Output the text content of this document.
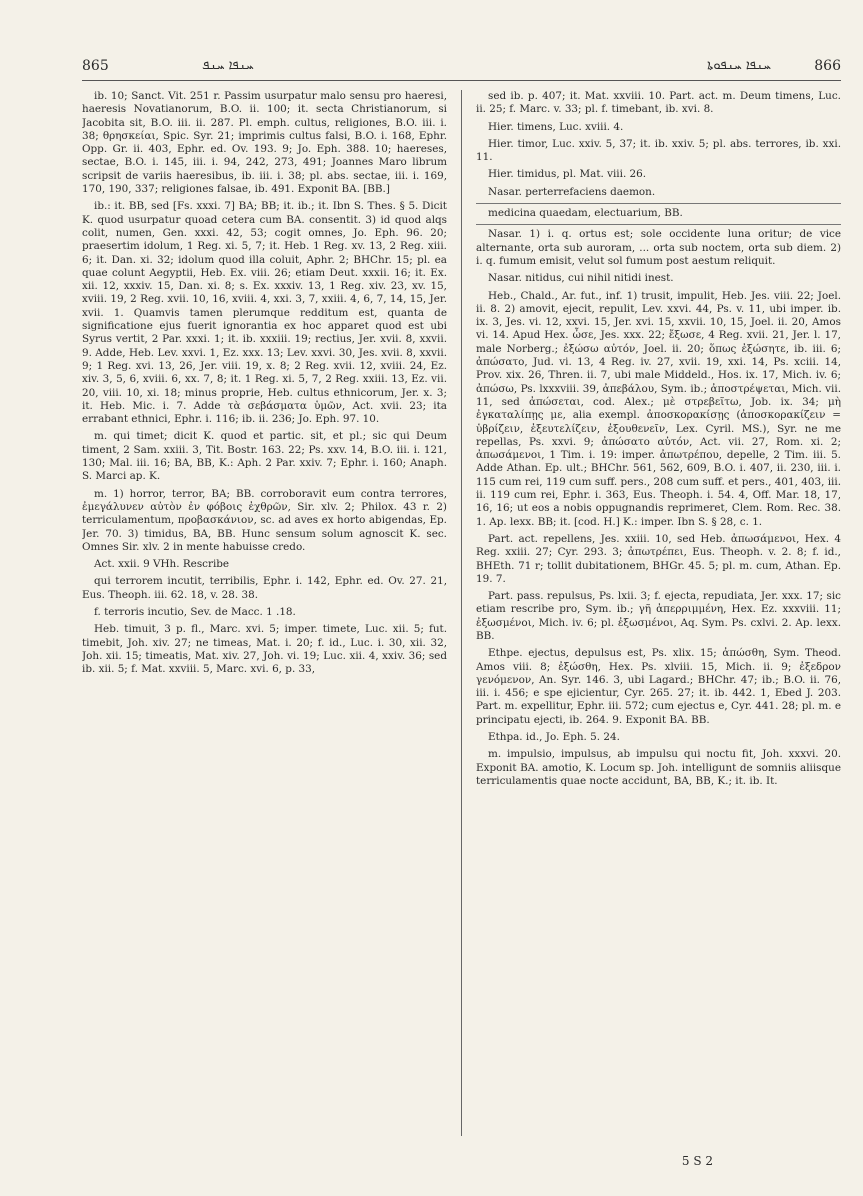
865	ܚܢܦܐ ܚܢܦ	ܚܢܦܐ ܚܢܦܘܬܐ	866

ib. 10; Sanct. Vit. 251 r. Passim usurpatur malo sensu pro haeresi, haeresis Novatianorum, B.O. ii. 100; it. secta Christianorum, si Jacobita sit, B.O. iii. ii. 287. Pl. emph. cultus, religiones, B.O. iii. i. 38; θρησκείαι, Spic. Syr. 21; imprimis cultus falsi, B.O. i. 168, Ephr. Opp. Gr. ii. 403, Ephr. ed. Ov. 193. 9; Jo. Eph. 388. 10; haereses, sectae, B.O. i. 145, iii. i. 94, 242, 273, 491; Joannes Maro librum scripsit de variis haeresibus, ib. iii. i. 38; pl. abs. sectae, iii. i. 169, 170, 190, 337; religiones falsae, ib. 491. Exponit BA. [BB.]

ib.: it. BB, sed [Fs. xxxi. 7] BA; BB; it. ib.; it. Ibn S. Thes. § 5. Dicit K. quod usurpatur quoad cetera cum BA. consentit. 3) id quod alqs colit, numen, Gen. xxxi. 42, 53; cogit omnes, Jo. Eph. 96. 20; praesertim idolum, 1 Reg. xi. 5, 7; it. Heb. 1 Reg. xv. 13, 2 Reg. xiii. 6; it. Dan. xi. 32; idolum quod illa coluit, Aphr. 2; BHChr. 15; pl. ea quae colunt Aegyptii, Heb. Ex. viii. 26; etiam Deut. xxxii. 16; it. Ex. xii. 12, xxxiv. 15, Dan. xi. 8; s. Ex. xxxiv. 13, 1 Reg. xiv. 23, xv. 15, xviii. 19, 2 Reg. xvii. 10, 16, xviii. 4, xxi. 3, 7, xxiii. 4, 6, 7, 14, 15, Jer. xvii. 1. Quamvis tamen plerumque redditum est, quanta de significatione ejus fuerit ignorantia ex hoc apparet quod est ubi Syrus vertit, 2 Par. xxxi. 1; it. ib. xxxiii. 19; rectius, Jer. xvii. 8, xxvii. 9. Adde, Heb. Lev. xxvi. 1, Ez. xxx. 13; Lev. xxvi. 30, Jes. xvii. 8, xxvii. 9; 1 Reg. xvi. 13, 26, Jer. viii. 19, x. 8; 2 Reg. xvii. 12, xviii. 24, Ez. xiv. 3, 5, 6, xviii. 6, xx. 7, 8; it. 1 Reg. xi. 5, 7, 2 Reg. xxiii. 13, Ez. vii. 20, viii. 10, xi. 18; minus proprie, Heb. cultus ethnicorum, Jer. x. 3; it. Heb. Mic. i. 7. Adde τὰ σεβάσματα ὑμῶν, Act. xvii. 23; ita errabant ethnici, Ephr. i. 116; ib. ii. 236; Jo. Eph. 97. 10.

m. qui timet; dicit K. quod et partic. sit, et pl.; sic qui Deum timent, 2 Sam. xxiii. 3, Tit. Bostr. 163. 22; Ps. xxv. 14, B.O. iii. i. 121, 130; Mal. iii. 16; BA, BB, K.: Aph. 2 Par. xxiv. 7; Ephr. i. 160; Anaph. S. Marci ap. K.

m. 1) horror, terror, BA; BB. corroboravit eum contra terrores, ἐμεγάλυνεν αὐτὸν ἐν φόβοις ἐχθρῶν, Sir. xlv. 2; Philox. 43 r. 2) terriculamentum, προβασκάνιον, sc. ad aves ex horto abigendas, Ep. Jer. 70. 3) timidus, BA, BB. Hunc sensum solum agnoscit K. sec. Omnes Sir. xlv. 2 in mente habuisse credo.

Act. xxii. 9 VHh. Rescribe

qui terrorem incutit, terribilis, Ephr. i. 142, Ephr. ed. Ov. 27. 21, Eus. Theoph. iii. 62. 18, v. 28. 38.

f. terroris incutio, Sev. de Macc. 1 .18.

Heb. timuit, 3 p. fl., Marc. xvi. 5; imper. timete, Luc. xii. 5; fut. timebit, Joh. xiv. 27; ne timeas, Mat. i. 20; f. id., Luc. i. 30, xii. 32, Joh. xii. 15; timeatis, Mat. xiv. 27, Joh. vi. 19; Luc. xii. 4, xxiv. 36; sed ib. xii. 5; f. Mat. xxviii. 5, Marc. xvi. 6, p. 33,

sed ib. p. 407; it. Mat. xxviii. 10. Part. act. m. Deum timens, Luc. ii. 25; f. Marc. v. 33; pl. f. timebant, ib. xvi. 8.

Hier. timens, Luc. xviii. 4.

Hier. timor, Luc. xxiv. 5, 37; it. ib. xxiv. 5; pl. abs. terrores, ib. xxi. 11.

Hier. timidus, pl. Mat. viii. 26.

Nasar. perterrefaciens daemon.

medicina quaedam, electuarium, BB.

Nasar. 1) i. q. ortus est; sole occidente luna oritur; de vice alternante, orta sub auroram, ... orta sub noctem, orta sub diem. 2) i. q. fumum emisit, velut sol fumum post aestum reliquit.

Nasar. nitidus, cui nihil nitidi inest.

Heb., Chald., Ar. fut., inf. 1) trusit, impulit, Heb. Jes. viii. 22; Joel. ii. 8. 2) amovit, ejecit, repulit, Lev. xxvi. 44, Ps. v. 11, ubi imper. ib. ix. 3, Jes. vi. 12, xxvi. 15, Jer. xvi. 15, xxvii. 10, 15, Joel. ii. 20, Amos vi. 14. Apud Hex. ὦσε, Jes. xxx. 22; ἔξωσε, 4 Reg. xvii. 21, Jer. l. 17, male Norberg.; ἐξώσω αὐτόν, Joel. ii. 20; ὅπως ἐξώσητε, ib. iii. 6; ἀπώσατο, Jud. vi. 13, 4 Reg. iv. 27, xvii. 19, xxi. 14, Ps. xciii. 14, Prov. xix. 26, Thren. ii. 7, ubi male Middeld., Hos. ix. 17, Mich. iv. 6; ἀπώσω, Ps. lxxxviii. 39, ἀπεβάλου, Sym. ib.; ἀποστρέψεται, Mich. vii. 11, sed ἀπώσεται, cod. Alex.; μὲ στρεβεῖτω, Job. ix. 34; μὴ ἐγκαταλίπῃς με, alia exempl. ἀποσκορακίσῃς (ἀποσκορακίζειν = ὑβρίζειν, ἐξευτελίζειν, ἐξουθενεῖν, Lex. Cyril. MS.), Syr. ne me repellas, Ps. xxvi. 9; ἀπώσατο αὐτόν, Act. vii. 27, Rom. xi. 2; ἀπωσάμενοι, 1 Tim. i. 19: imper. ἀπωτρέπου, depelle, 2 Tim. iii. 5. Adde Athan. Ep. ult.; BHChr. 561, 562, 609, B.O. i. 407, ii. 230, iii. i. 115 cum rei, 119 cum suff. pers., 208 cum suff. et pers., 401, 403, iii. ii. 119 cum rei, Ephr. i. 363, Eus. Theoph. i. 54. 4, Off. Mar. 18, 17, 16, 16; ut eos a nobis oppugnandis reprimeret, Clem. Rom. Rec. 38. 1. Ap. lexx. BB; it. [cod. H.] K.: imper. Ibn S. § 28, c. 1.

Part. act. repellens, Jes. xxiii. 10, sed Heb. ἀπωσάμενοι, Hex. 4 Reg. xxiii. 27; Cyr. 293. 3; ἀπωτρέπει, Eus. Theoph. v. 2. 8; f. id., BHEth. 71 r; tollit dubitationem, BHGr. 45. 5; pl. m. cum, Athan. Ep. 19. 7.

Part. pass. repulsus, Ps. lxii. 3; f. ejecta, repudiata, Jer. xxx. 17; sic etiam rescribe pro, Sym. ib.; γῆ ἀπερριμμένη, Hex. Ez. xxxviii. 11; ἐξωσμένοι, Mich. iv. 6; pl. ἐξωσμένοι, Aq. Sym. Ps. cxlvi. 2. Ap. lexx. BB.

Ethpe. ejectus, depulsus est, Ps. xlix. 15; ἀπώσθη, Sym. Theod. Amos viii. 8; ἐξώσθη, Hex. Ps. xlviii. 15, Mich. ii. 9; ἐξεδρον γενόμενον, An. Syr. 146. 3, ubi Lagard.; BHChr. 47; ib.; B.O. ii. 76, iii. i. 456; e spe ejicientur, Cyr. 265. 27; it. ib. 442. 1, Ebed J. 203. Part. m. expellitur, Ephr. iii. 572; cum ejectus e, Cyr. 441. 28; pl. m. e principatu ejecti, ib. 264. 9. Exponit BA. BB.

Ethpa. id., Jo. Eph. 5. 24.

m. impulsio, impulsus, ab impulsu qui noctu fit, Joh. xxxvi. 20. Exponit BA. amotio, K. Locum sp. Joh. intelligunt de somniis aliisque terriculamentis quae nocte accidunt, BA, BB, K.; it. ib. It.

5 S 2
